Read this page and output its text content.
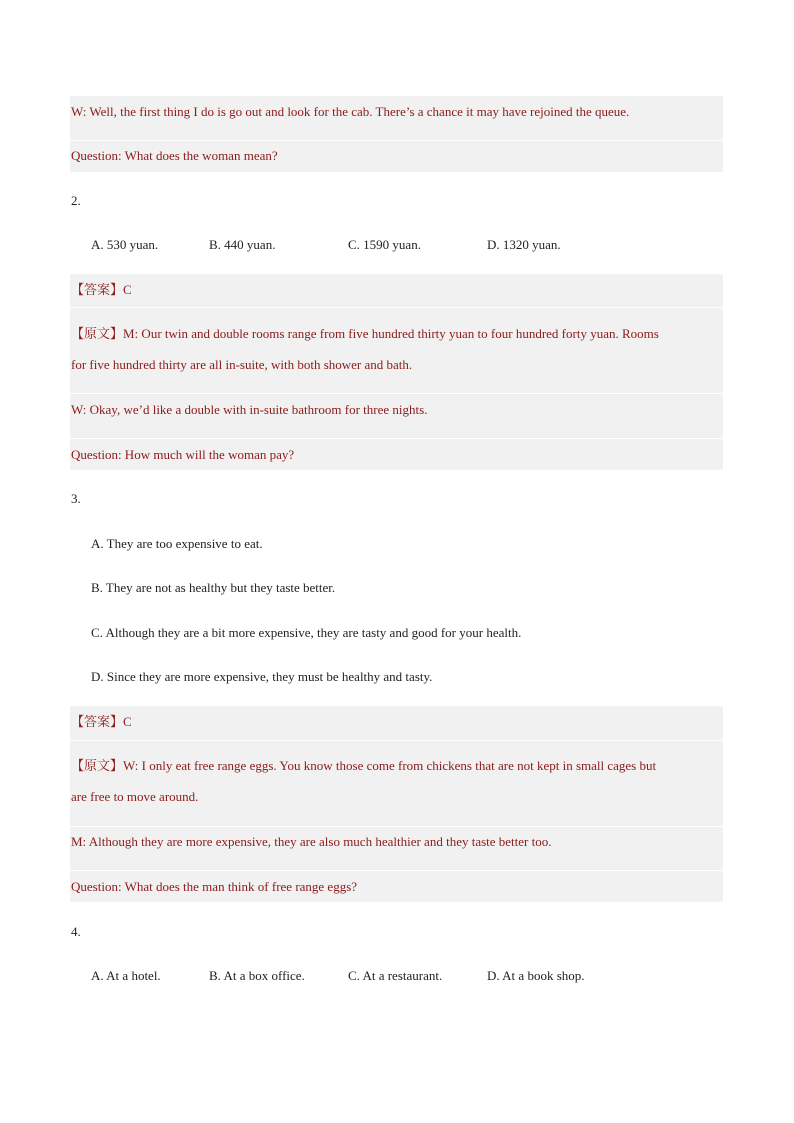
W: Well, the first thing I do is go out and look for the cab. There’s a chance it may have rejoined the queue.
Question: What does the woman mean?
2.
A. 530 yuan.	B. 440 yuan.	C. 1590 yuan.	D. 1320 yuan.
【答案】C
【原文】M: Our twin and double rooms range from five hundred thirty yuan to four hundred forty yuan. Rooms
for five hundred thirty are all in-suite, with both shower and bath.
W: Okay, we’d like a double with in-suite bathroom for three nights.
Question: How much will the woman pay?
3.
A. They are too expensive to eat.
B. They are not as healthy but they taste better.
C. Although they are a bit more expensive, they are tasty and good for your health.
D. Since they are more expensive, they must be healthy and tasty.
【答案】C
【原文】W: I only eat free range eggs. You know those come from chickens that are not kept in small cages but
are free to move around.
M: Although they are more expensive, they are also much healthier and they taste better too.
Question: What does the man think of free range eggs?
4.
A. At a hotel.	B. At a box office.	C. At a restaurant.	D. At a book shop.
